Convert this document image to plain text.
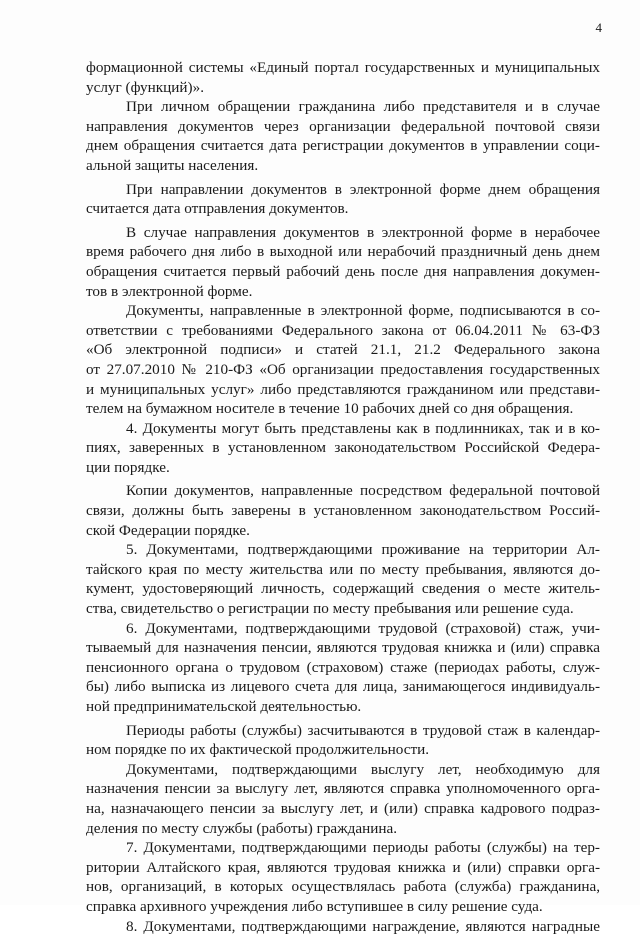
4
формационной системы «Единый портал государственных и муниципальных
услуг (функций)».
При личном обращении гражданина либо представителя и в случае
направления документов через организации федеральной почтовой связи
днем обращения считается дата регистрации документов в управлении соци-
альной защиты населения.
При направлении документов в электронной форме днем обращения
считается дата отправления документов.
В случае направления документов в электронной форме в нерабочее
время рабочего дня либо в выходной или нерабочий праздничный день днем
обращения считается первый рабочий день после дня направления докумен-
тов в электронной форме.
Документы, направленные в электронной форме, подписываются в со-
ответствии с требованиями Федерального закона от 06.04.2011 № 63-ФЗ
«Об электронной подписи» и статей 21.1, 21.2 Федерального закона
от 27.07.2010 № 210-ФЗ «Об организации предоставления государственных
и муниципальных услуг» либо представляются гражданином или представи-
телем на бумажном носителе в течение 10 рабочих дней со дня обращения.
4. Документы могут быть представлены как в подлинниках, так и в ко-
пиях, заверенных в установленном законодательством Российской Федера-
ции порядке.
Копии документов, направленные посредством федеральной почтовой
связи, должны быть заверены в установленном законодательством Россий-
ской Федерации порядке.
5. Документами, подтверждающими проживание на территории Ал-
тайского края по месту жительства или по месту пребывания, являются до-
кумент, удостоверяющий личность, содержащий сведения о месте житель-
ства, свидетельство о регистрации по месту пребывания или решение суда.
6. Документами, подтверждающими трудовой (страховой) стаж, учи-
тываемый для назначения пенсии, являются трудовая книжка и (или) справка
пенсионного органа о трудовом (страховом) стаже (периодах работы, служ-
бы) либо выписка из лицевого счета для лица, занимающегося индивидуаль-
ной предпринимательской деятельностью.
Периоды работы (службы) засчитываются в трудовой стаж в календар-
ном порядке по их фактической продолжительности.
Документами, подтверждающими выслугу лет, необходимую для
назначения пенсии за выслугу лет, являются справка уполномоченного орга-
на, назначающего пенсии за выслугу лет, и (или) справка кадрового подраз-
деления по месту службы (работы) гражданина.
7. Документами, подтверждающими периоды работы (службы) на тер-
ритории Алтайского края, являются трудовая книжка и (или) справки орга-
нов, организаций, в которых осуществлялась работа (служба) гражданина,
справка архивного учреждения либо вступившее в силу решение суда.
8. Документами, подтверждающими награждение, являются наградные
